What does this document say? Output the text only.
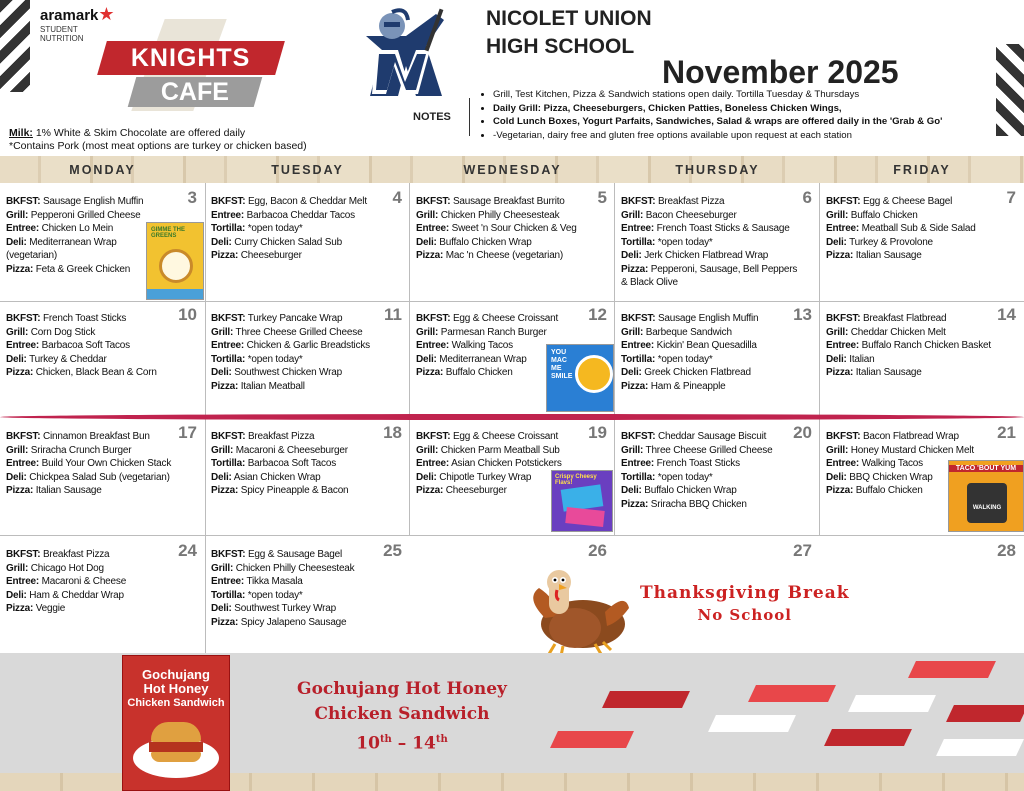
aramark★
STUDENT
NUTRITION
KNIGHTS
CAFE
NICOLET UNION
HIGH SCHOOL
November 2025
Milk: 1% White & Skim Chocolate are offered daily
*Contains Pork (most meat options are turkey or chicken based)
NOTES
• Grill, Test Kitchen, Pizza & Sandwich stations open daily. Tortilla Tuesday & Thursdays
• Daily Grill: Pizza, Cheeseburgers, Chicken Patties, Boneless Chicken Wings,
• Cold Lunch Boxes, Yogurt Parfaits, Sandwiches, Salad & wraps are offered daily in the 'Grab & Go'
• -Vegetarian, dairy free and gluten free options available upon request at each station
MONDAY	TUESDAY	WEDNESDAY	THURSDAY	FRIDAY
3
BKFST: Sausage English Muffin
Grill: Pepperoni Grilled Cheese
Entree: Chicken Lo Mein
Deli: Mediterranean Wrap
(vegetarian)
Pizza: Feta & Greek Chicken
4
BKFST: Egg, Bacon & Cheddar Melt
Entree: Barbacoa Cheddar Tacos
Tortilla: *open today*
Deli: Curry Chicken Salad Sub
Pizza: Cheeseburger
5
BKFST: Sausage Breakfast Burrito
Grill: Chicken Philly Cheesesteak
Entree: Sweet 'n Sour Chicken & Veg
Deli: Buffalo Chicken Wrap
Pizza: Mac 'n Cheese (vegetarian)
6
BKFST: Breakfast Pizza
Grill: Bacon Cheeseburger
Entree: French Toast Sticks & Sausage
Tortilla: *open today*
Deli: Jerk Chicken Flatbread Wrap
Pizza: Pepperoni, Sausage, Bell Peppers
& Black Olive
7
BKFST: Egg & Cheese Bagel
Grill: Buffalo Chicken
Entree: Meatball Sub & Side Salad
Deli: Turkey & Provolone
Pizza: Italian Sausage
10
BKFST: French Toast Sticks
Grill: Corn Dog Stick
Entree: Barbacoa Soft Tacos
Deli: Turkey & Cheddar
Pizza: Chicken, Black Bean & Corn
11
BKFST: Turkey Pancake Wrap
Grill: Three Cheese Grilled Cheese
Entree: Chicken & Garlic Breadsticks
Tortilla: *open today*
Deli: Southwest Chicken Wrap
Pizza: Italian Meatball
12
BKFST: Egg & Cheese Croissant
Grill: Parmesan Ranch Burger
Entree: Walking Tacos
Deli: Mediterranean Wrap
Pizza: Buffalo Chicken
13
BKFST: Sausage English Muffin
Grill: Barbeque Sandwich
Entree: Kickin' Bean Quesadilla
Tortilla: *open today*
Deli: Greek Chicken Flatbread
Pizza: Ham & Pineapple
14
BKFST: Breakfast Flatbread
Grill: Cheddar Chicken Melt
Entree: Buffalo Ranch Chicken Basket
Deli: Italian
Pizza: Italian Sausage
17
BKFST: Cinnamon Breakfast Bun
Grill: Sriracha Crunch Burger
Entree: Build Your Own Chicken Stack
Deli: Chickpea Salad Sub (vegetarian)
Pizza: Italian Sausage
18
BKFST: Breakfast Pizza
Grill: Macaroni & Cheeseburger
Tortilla: Barbacoa Soft Tacos
Deli: Asian Chicken Wrap
Pizza: Spicy Pineapple & Bacon
19
BKFST: Egg & Cheese Croissant
Grill: Chicken Parm Meatball Sub
Entree: Asian Chicken Potstickers
Deli: Chipotle Turkey Wrap
Pizza: Cheeseburger
20
BKFST: Cheddar Sausage Biscuit
Grill: Three Cheese Grilled Cheese
Entree: French Toast Sticks
Tortilla: *open today*
Deli: Buffalo Chicken Wrap
Pizza: Sriracha BBQ Chicken
21
BKFST: Bacon Flatbread Wrap
Grill: Honey Mustard Chicken Melt
Entree: Walking Tacos
Deli: BBQ Chicken Wrap
Pizza: Buffalo Chicken
24
BKFST: Breakfast Pizza
Grill: Chicago Hot Dog
Entree: Macaroni & Cheese
Deli: Ham & Cheddar Wrap
Pizza: Veggie
25
BKFST: Egg & Sausage Bagel
Grill: Chicken Philly Cheesesteak
Entree: Tikka Masala
Tortilla: *open today*
Deli: Southwest Turkey Wrap
Pizza: Spicy Jalapeno Sausage
26	27	28
GIMME THE GREENS
YOU MAC ME SMILE
Crispy Cheesy Flavs!
TACO 'BOUT YUM
WALKING
Thanksgiving Break
No School
Gochujang
Hot Honey
Chicken Sandwich
Gochujang Hot Honey
Chicken Sandwich
10th – 14th
